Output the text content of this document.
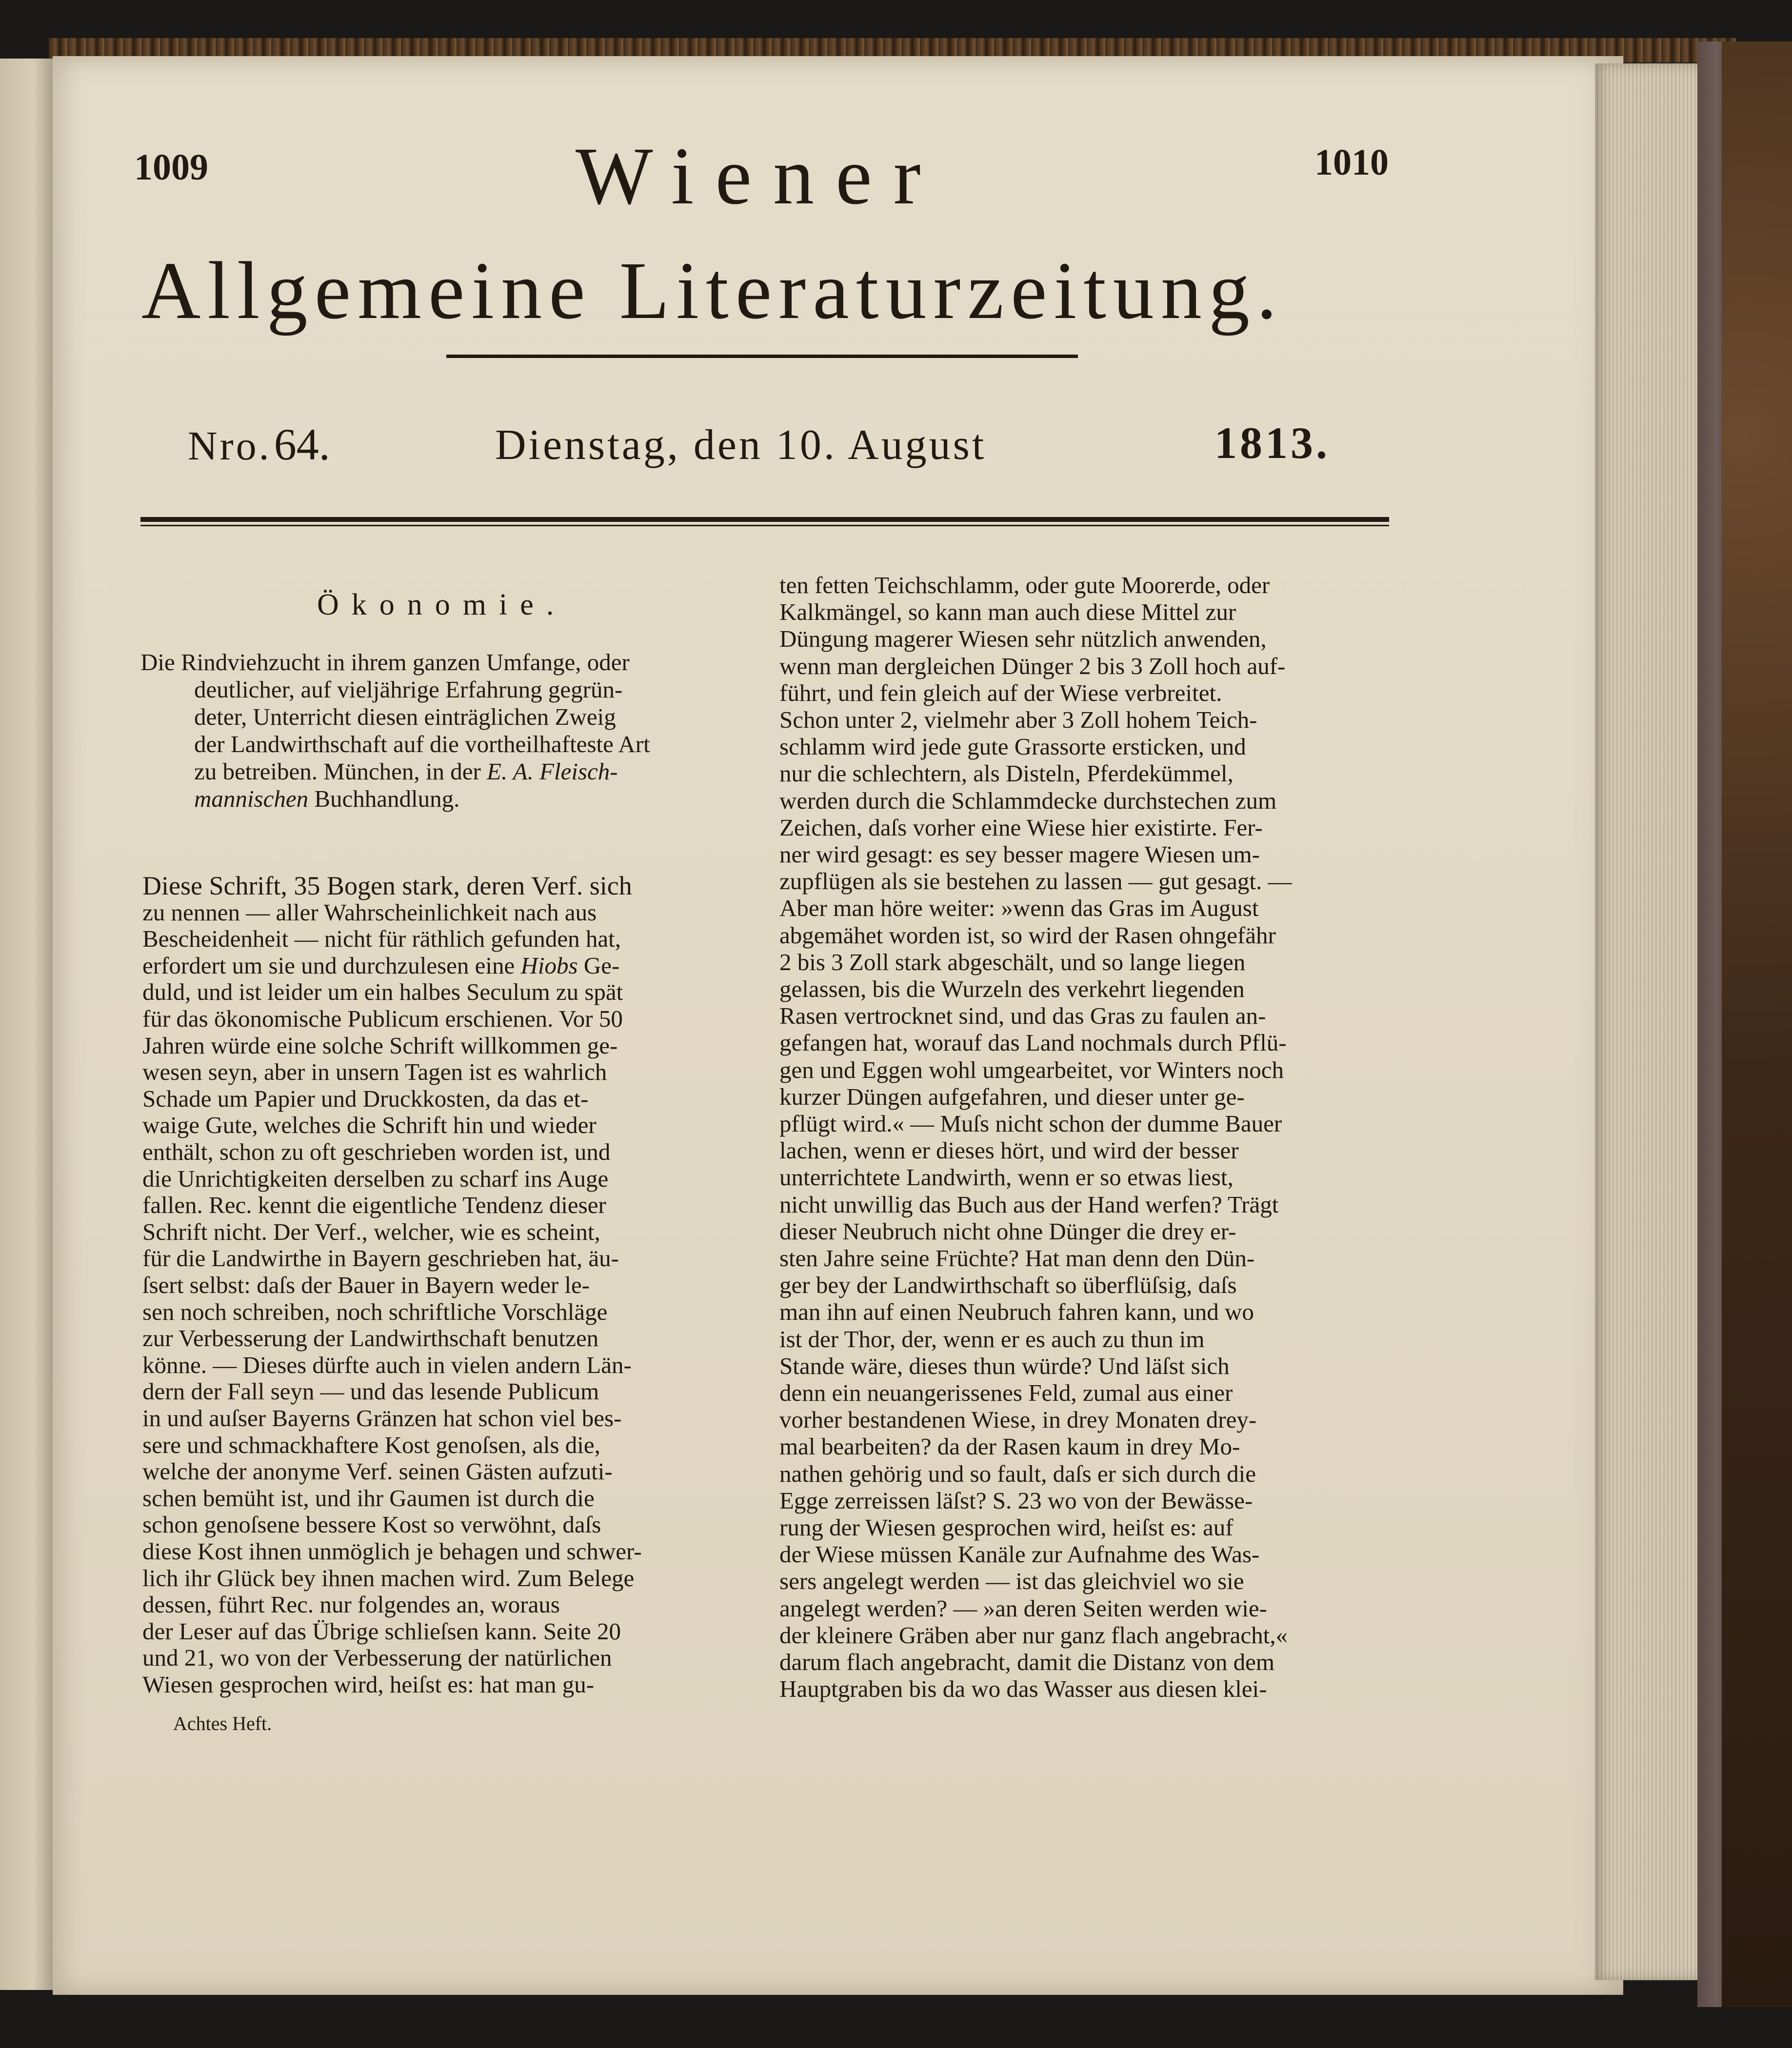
1009	1010
Wiener
Allgemeine Literaturzeitung.
Nro. 64.	Dienstag, den 10. August	1813.
Ökonomie.
Die Rindviehzucht in ihrem ganzen Umfange, oder
deutlicher, auf vieljährige Erfahrung gegrün-
deter, Unterricht diesen einträglichen Zweig
der Landwirthschaft auf die vortheilhafteste Art
zu betreiben. München, in der E. A. Fleisch-
mannischen Buchhandlung.
Diese Schrift, 35 Bogen stark, deren Verf. sich
zu nennen — aller Wahrscheinlichkeit nach aus
Bescheidenheit — nicht für räthlich gefunden hat,
erfordert um sie und durchzulesen eine Hiobs Ge-
duld, und ist leider um ein halbes Seculum zu spät
für das ökonomische Publicum erschienen. Vor 50
Jahren würde eine solche Schrift willkommen ge-
wesen seyn, aber in unsern Tagen ist es wahrlich
Schade um Papier und Druckkosten, da das et-
waige Gute, welches die Schrift hin und wieder
enthält, schon zu oft geschrieben worden ist, und
die Unrichtigkeiten derselben zu scharf ins Auge
fallen. Rec. kennt die eigentliche Tendenz dieser
Schrift nicht. Der Verf., welcher, wie es scheint,
für die Landwirthe in Bayern geschrieben hat, äu-
ſsert selbst: daſs der Bauer in Bayern weder le-
sen noch schreiben, noch schriftliche Vorschläge
zur Verbesserung der Landwirthschaft benutzen
könne. — Dieses dürfte auch in vielen andern Län-
dern der Fall seyn — und das lesende Publicum
in und auſser Bayerns Gränzen hat schon viel bes-
sere und schmackhaftere Kost genoſsen, als die,
welche der anonyme Verf. seinen Gästen aufzuti-
schen bemüht ist, und ihr Gaumen ist durch die
schon genoſsene bessere Kost so verwöhnt, daſs
diese Kost ihnen unmöglich je behagen und schwer-
lich ihr Glück bey ihnen machen wird. Zum Belege
dessen, führt Rec. nur folgendes an, woraus
der Leser auf das Übrige schlieſsen kann. Seite 20
und 21, wo von der Verbesserung der natürlichen
Wiesen gesprochen wird, heiſst es: hat man gu-
Achtes Heft.
ten fetten Teichschlamm, oder gute Moorerde, oder
Kalkmängel, so kann man auch diese Mittel zur
Düngung magerer Wiesen sehr nützlich anwenden,
wenn man dergleichen Dünger 2 bis 3 Zoll hoch auf-
führt, und fein gleich auf der Wiese verbreitet.
Schon unter 2, vielmehr aber 3 Zoll hohem Teich-
schlamm wird jede gute Grassorte ersticken, und
nur die schlechtern, als Disteln, Pferdekümmel,
werden durch die Schlammdecke durchstechen zum
Zeichen, daſs vorher eine Wiese hier existirte. Fer-
ner wird gesagt: es sey besser magere Wiesen um-
zupflügen als sie bestehen zu lassen — gut gesagt. —
Aber man höre weiter: »wenn das Gras im August
abgemähet worden ist, so wird der Rasen ohngefähr
2 bis 3 Zoll stark abgeschält, und so lange liegen
gelassen, bis die Wurzeln des verkehrt liegenden
Rasen vertrocknet sind, und das Gras zu faulen an-
gefangen hat, worauf das Land nochmals durch Pflü-
gen und Eggen wohl umgearbeitet, vor Winters noch
kurzer Düngen aufgefahren, und dieser unter ge-
pflügt wird.« — Muſs nicht schon der dumme Bauer
lachen, wenn er dieses hört, und wird der besser
unterrichtete Landwirth, wenn er so etwas liest,
nicht unwillig das Buch aus der Hand werfen? Trägt
dieser Neubruch nicht ohne Dünger die drey er-
sten Jahre seine Früchte? Hat man denn den Dün-
ger bey der Landwirthschaft so überflüſsig, daſs
man ihn auf einen Neubruch fahren kann, und wo
ist der Thor, der, wenn er es auch zu thun im
Stande wäre, dieses thun würde? Und läſst sich
denn ein neuangerissenes Feld, zumal aus einer
vorher bestandenen Wiese, in drey Monaten drey-
mal bearbeiten? da der Rasen kaum in drey Mo-
nathen gehörig und so fault, daſs er sich durch die
Egge zerreissen läſst? S. 23 wo von der Bewässe-
rung der Wiesen gesprochen wird, heiſst es: auf
der Wiese müssen Kanäle zur Aufnahme des Was-
sers angelegt werden — ist das gleichviel wo sie
angelegt werden? — »an deren Seiten werden wie-
der kleinere Gräben aber nur ganz flach angebracht,«
darum flach angebracht, damit die Distanz von dem
Hauptgraben bis da wo das Wasser aus diesen klei-
